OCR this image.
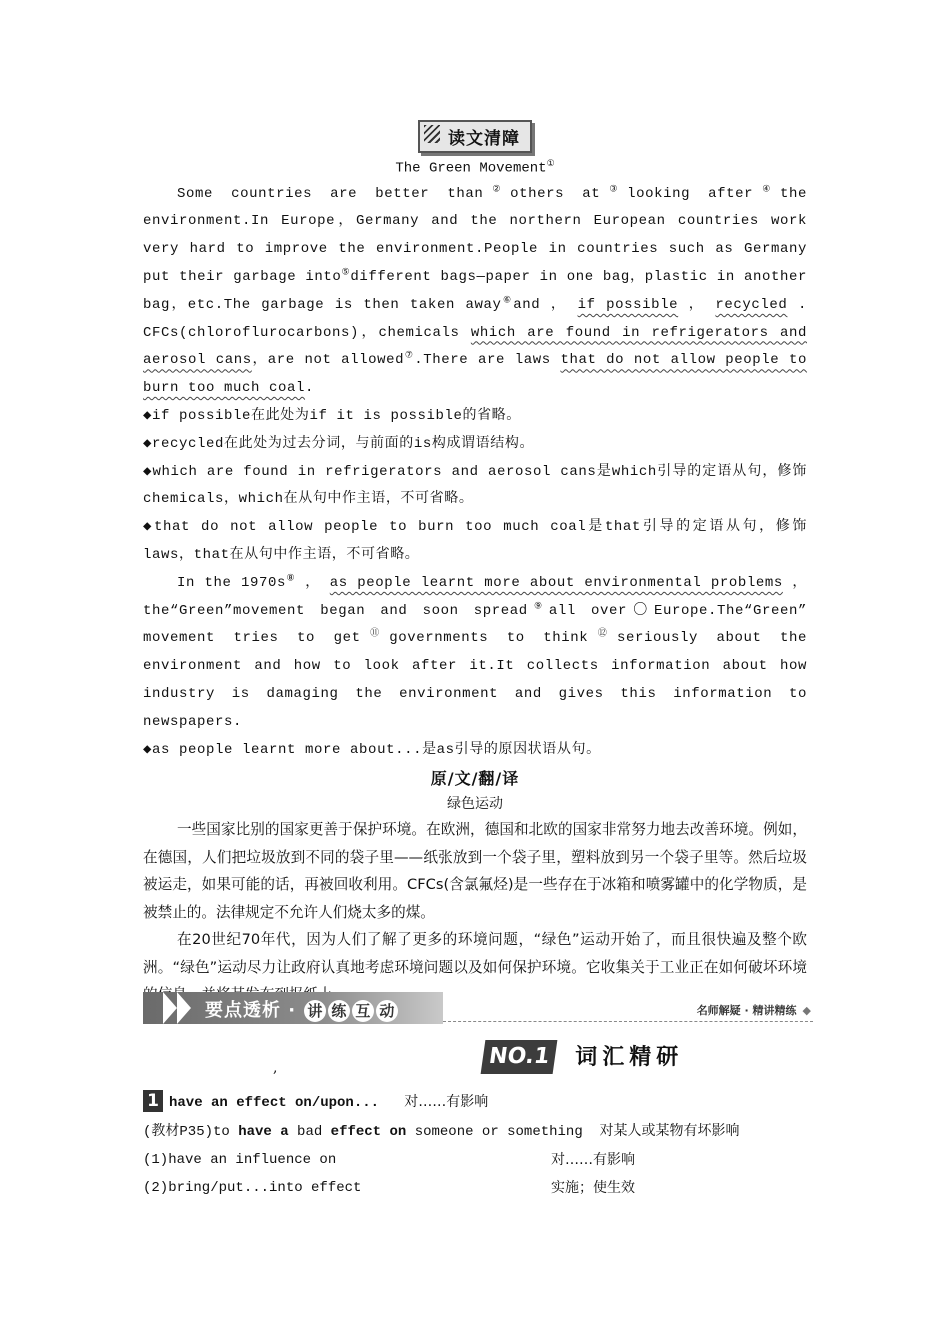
读文清障
The Green Movement①
Some countries are better than②others at③looking after④the environment.In Europe，Germany and the northern European countries work very hard to improve the environment.People in countries such as Germany put their garbage into⑤different bags—paper in one bag，plastic in another bag，etc.The garbage is then taken away⑥and ， if possible ， recycled . CFCs(chloroflurocarbons)，chemicals which are found in refrigerators and aerosol cans，are not allowed⑦.There are laws that do not allow people to burn too much coal.
◆if possible在此处为if it is possible的省略。
◆recycled在此处为过去分词，与前面的is构成谓语结构。
◆which are found in refrigerators and aerosol cans是which引导的定语从句，修饰chemicals，which在从句中作主语，不可省略。
◆that do not allow people to burn too much coal是that引导的定语从句，修饰laws，that在从句中作主语，不可省略。
In the 1970s⑧ ， as people learnt more about environmental problems ， the“Green”movement began and soon spread⑨all over〇Europe.The“Green” movement tries to get⑪governments to think⑫seriously about the environment and how to look after it.It collects information about how industry is damaging the environment and gives this information to newspapers.
◆as people learnt more about...是as引导的原因状语从句。
原/文/翻/译
绿色运动
一些国家比别的国家更善于保护环境。在欧洲，德国和北欧的国家非常努力地去改善环境。例如，在德国，人们把垃圾放到不同的袋子里——纸张放到一个袋子里，塑料放到另一个袋子里等。然后垃圾被运走，如果可能的话，再被回收利用。CFCs(含氯氟烃)是一些存在于冰箱和喷雾罐中的化学物质，是被禁止的。法律规定不允许人们烧太多的煤。
在20世纪70年代，因为人们了解了更多的环境问题，“绿色”运动开始了，而且很快遍及整个欧洲。“绿色”运动尽力让政府认真地考虑环境问题以及如何保护环境。它收集关于工业正在如何破坏环境
要点透析 · 讲 练 互 动	名师解疑 · 精讲精练 ◆
,	NO.1 词汇精研
1 have an effect on/upon... 对……有影响
(教材P35)to have a bad effect on someone or something 对某人或某物有坏影响
(1)have an influence on	对……有影响
(2)bring/put...into effect	实施；使生效
